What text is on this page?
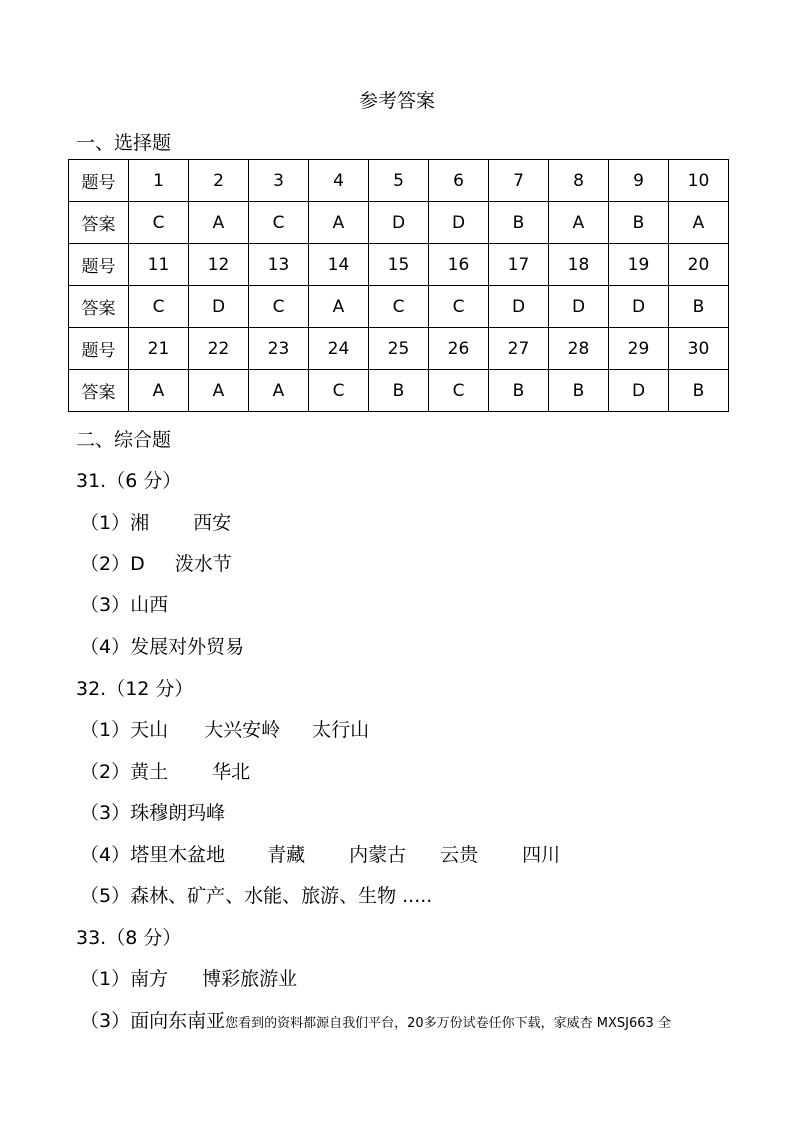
参考答案
一、选择题
题号	1	2	3	4	5	6	7	8	9	10
答案	C	A	C	A	D	D	B	A	B	A
题号	11	12	13	14	15	16	17	18	19	20
答案	C	D	C	A	C	C	D	D	D	B
题号	21	22	23	24	25	26	27	28	29	30
答案	A	A	A	C	B	C	B	B	D	B
二、综合题
31.（6 分）
（1）湘 西安
（2）D 泼水节
（3）山西
（4）发展对外贸易
32.（12 分）
（1）天山 大兴安岭 太行山
（2）黄土 华北
（3）珠穆朗玛峰
（4）塔里木盆地 青藏 内蒙古 云贵 四川
（5）森林、矿产、水能、旅游、生物 .....
33.（8 分）
（1）南方 博彩旅游业
（3）面向东南亚您看到的资料都源自我们平台，20多万份试卷任你下载，家威杏 MXSJ663 全
